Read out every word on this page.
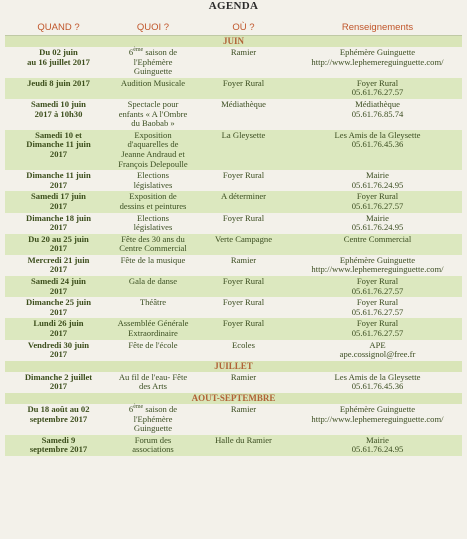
AGENDA
QUAND ?	QUOI ?	OÙ ?	Renseignements
JUIN			
Du 02 juin
au 16 juillet 2017	6ème saison de
l'Ephémère
Guinguette	Ramier	Ephémère Guinguette
http://www.lephemereguinguette.com/
Jeudi 8 juin 2017	Audition Musicale	Foyer Rural	Foyer Rural
05.61.76.27.57
Samedi 10 juin
2017 à 10h30	Spectacle pour
enfants « A l'Ombre
du Baobab »	Médiathèque	Médiathèque
05.61.76.85.74
Samedi 10 et
Dimanche 11 juin
2017	Exposition
d'aquarelles de
Jeanne Andraud et
François Delepoulle	La Gleysette	Les Amis de la Gleysette
05.61.76.45.36
Dimanche 11 juin
2017	Elections
législatives	Foyer Rural	Mairie
05.61.76.24.95
Samedi 17 juin
2017	Exposition de
dessins et peintures	A déterminer	Foyer Rural
05.61.76.27.57
Dimanche 18 juin
2017	Elections
législatives	Foyer Rural	Mairie
05.61.76.24.95
Du 20 au 25 juin
2017	Fête des 30 ans du
Centre Commercial	Verte Campagne	Centre Commercial
Mercredi 21 juin
2017	Fête de la musique	Ramier	Ephémère Guinguette
http://www.lephemereguinguette.com/
Samedi 24 juin
2017	Gala de danse	Foyer Rural	Foyer Rural
05.61.76.27.57
Dimanche 25 juin
2017	Théâtre	Foyer Rural	Foyer Rural
05.61.76.27.57
Lundi 26 juin
2017	Assemblée Générale
Extraordinaire	Foyer Rural	Foyer Rural
05.61.76.27.57
Vendredi 30 juin
2017	Fête de l'école	Ecoles	APE
ape.cossignol@free.fr
JUILLET			
Dimanche 2 juillet
2017	Au fil de l'eau- Fête
des Arts	Ramier	Les Amis de la Gleysette
05.61.76.45.36
AOUT-SEPTEMBRE			
Du 18 août au 02
septembre 2017	6ème saison de
l'Ephémère
Guinguette	Ramier	Ephémère Guinguette
http://www.lephemereguinguette.com/
Samedi 9
septembre 2017	Forum des
associations	Halle du Ramier	Mairie
05.61.76.24.95
